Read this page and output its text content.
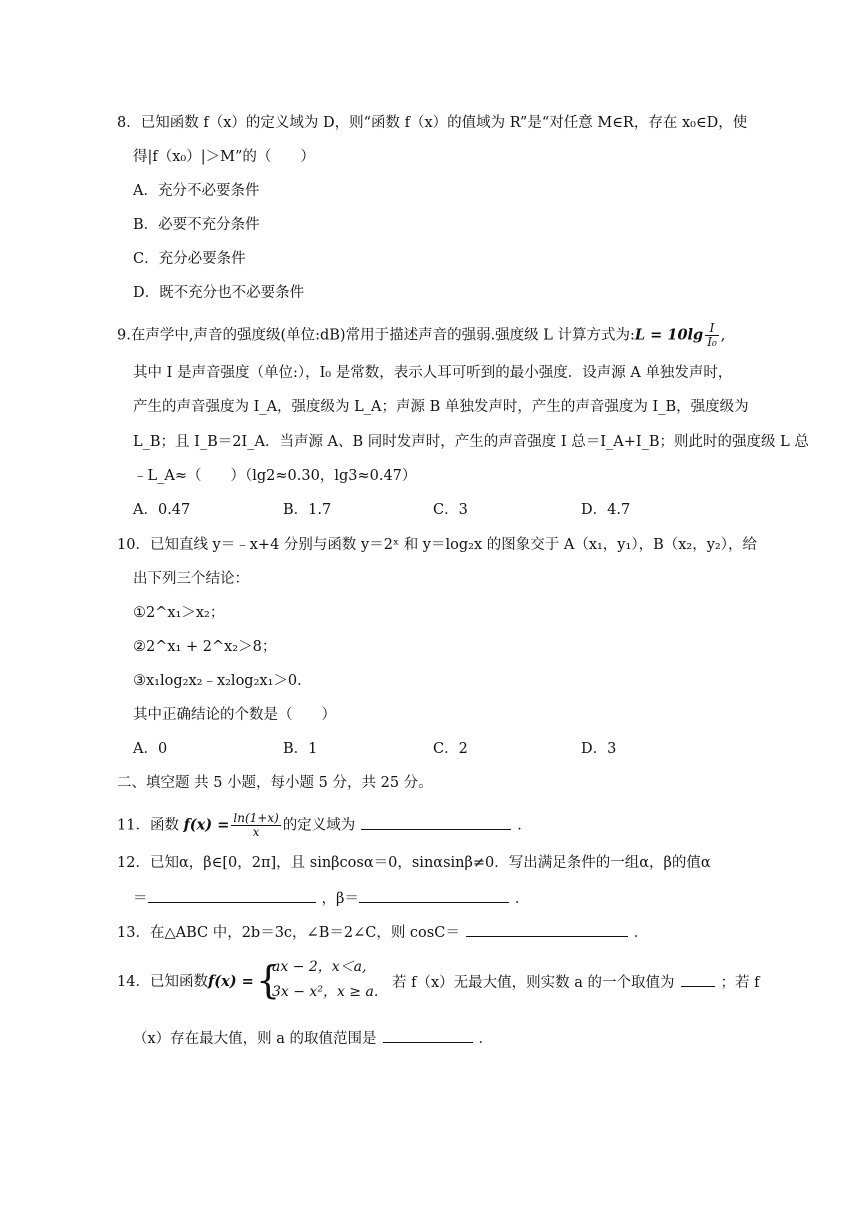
8．已知函数 f（x）的定义域为 D，则“函数 f（x）的值域为 R”是“对任意 M∈R，存在 x₀∈D，使
得|f（x₀）|＞M”的（　　）
A．充分不必要条件
B．必要不充分条件
C．充分必要条件
D．既不充分也不必要条件
9.在声学中,声音的强度级(单位:dB)常用于描述声音的强弱.强度级 L 计算方式为:L = $10\lg \frac{I}{\text{I₀}}$ ,
其中 I 是声音强度（单位:），I₀ 是常数，表示人耳可听到的最小强度．设声源 A 单独发声时，
产生的声音强度为 I_A，强度级为 L_A；声源 B 单独发声时，产生的声音强度为 I_B，强度级为
L_B；且 I_B＝2I_A．当声源 A、B 同时发声时，产生的声音强度 I 总＝I_A+I_B；则此时的强度级 L 总
﹣L_A≈（　　）（lg2≈0.30，lg3≈0.47）
A．0.47	B．1.7	C．3	D．4.7
10．已知直线 y＝﹣x+4 分别与函数 y＝2ˣ 和 y＝log₂x 的图象交于 A（x₁，y₁），B（x₂，y₂），给
出下列三个结论：
①2^x₁＞x₂；
②2^x₁ + 2^x₂＞8；
③x₁log₂x₂﹣x₂log₂x₁＞0．
其中正确结论的个数是（　　）
A．0	B．1	C．2	D．3
二、填空题 共 5 小题，每小题 5 分，共 25 分。
11．函数 $f(x) = \frac{\ln(1+x)}{x}$ 的定义域为	．
12．已知α，β∈[0，2π]，且 sinβcosα＝0，sinαsinβ≠0．写出满足条件的一组α，β的值α
＝	，β＝	．
13．在△ABC 中，2b＝3c，∠B＝2∠C，则 cosC＝	．
14．已知函数 f(x) = {
ax − 2，x＜a,
3x − x²，x ≥ a.
若 f（x）无最大值，则实数 a 的一个取值为	；若 f
（x）存在最大值，则 a 的取值范围是	．
